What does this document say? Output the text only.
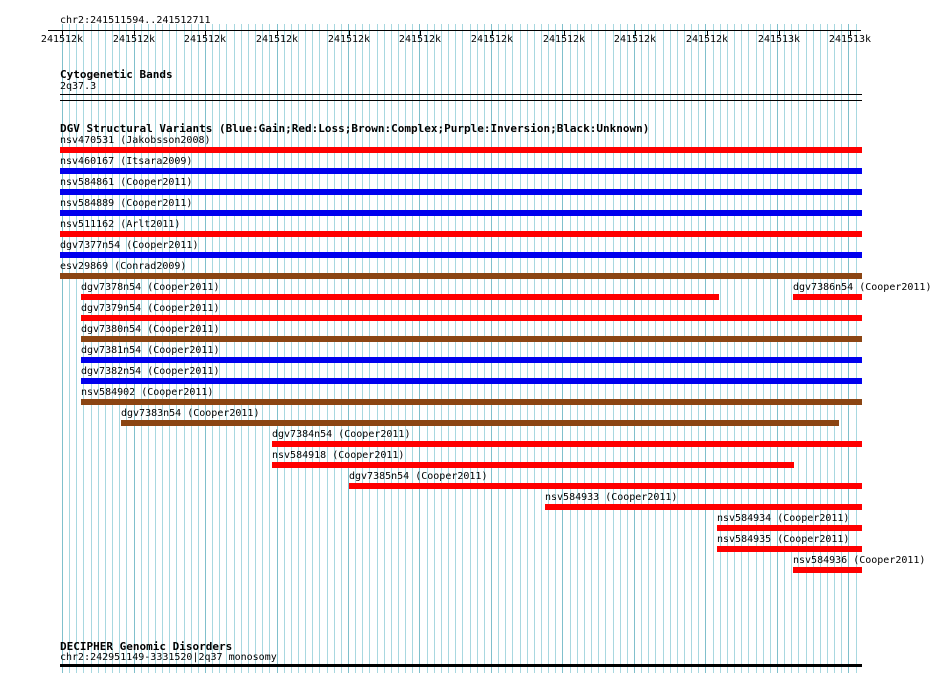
chr2:241511594..241512711
241512k	241512k	241512k	241512k	241512k	241512k	241512k	241512k	241512k	241512k	241513k	241513k
Cytogenetic Bands
2q37.3
DGV Structural Variants (Blue:Gain;Red:Loss;Brown:Complex;Purple:Inversion;Black:Unknown)
nsv470531 (Jakobsson2008)
nsv460167 (Itsara2009)
nsv584861 (Cooper2011)
nsv584889 (Cooper2011)
nsv511162 (Arlt2011)
dgv7377n54 (Cooper2011)
esv29869 (Conrad2009)
dgv7378n54 (Cooper2011)	dgv7386n54 (Cooper2011)
dgv7379n54 (Cooper2011)
dgv7380n54 (Cooper2011)
dgv7381n54 (Cooper2011)
dgv7382n54 (Cooper2011)
nsv584902 (Cooper2011)
dgv7383n54 (Cooper2011)
dgv7384n54 (Cooper2011)
nsv584918 (Cooper2011)
dgv7385n54 (Cooper2011)
nsv584933 (Cooper2011)
nsv584934 (Cooper2011)
nsv584935 (Cooper2011)
nsv584936 (Cooper2011)
DECIPHER Genomic Disorders
chr2:242951149-3331520|2q37 monosomy
